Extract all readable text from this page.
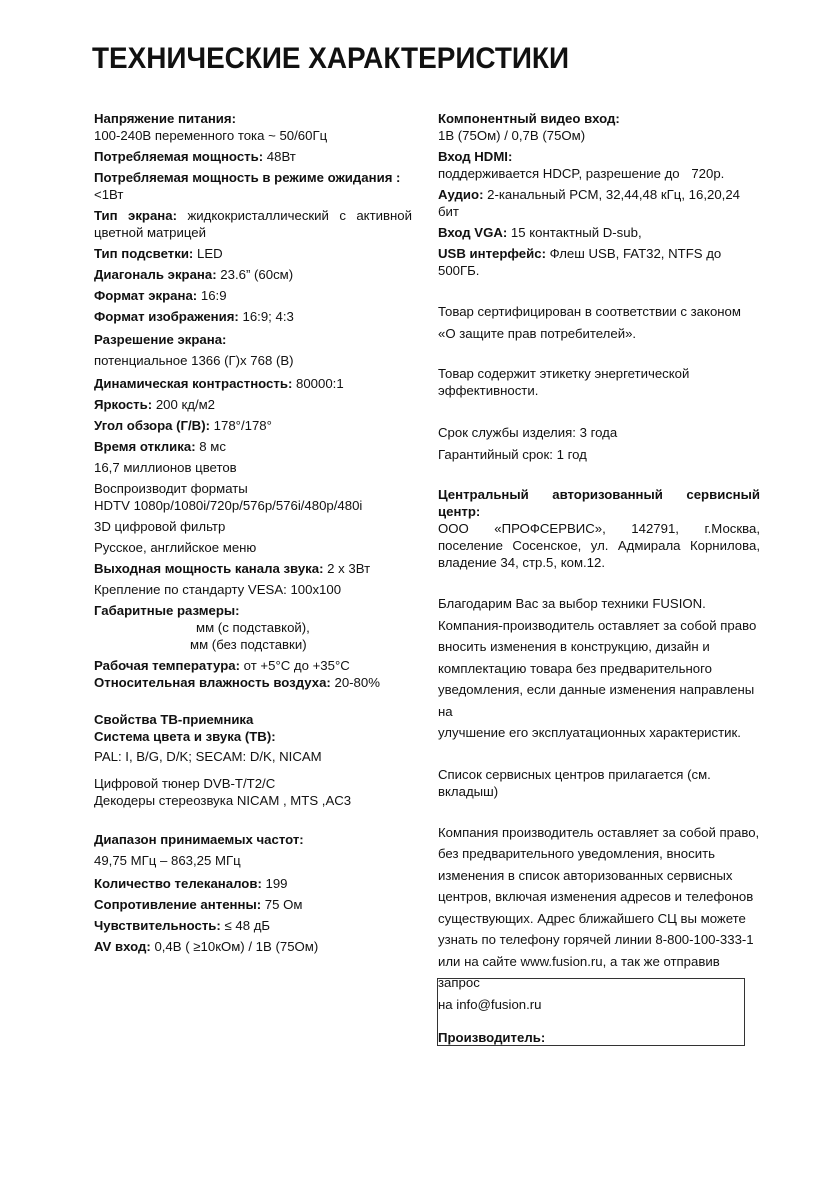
ТЕХНИЧЕСКИЕ ХАРАКТЕРИСТИКИ
Напряжение питания:
100-240В переменного тока ~ 50/60Гц
Потребляемая мощность: 48Вт
Потребляемая мощность в режиме ожидания :
<1Вт
Тип экрана: жидкокристаллический с активной цветной матрицей
Тип подсветки: LED
Диагональ экрана: 23.6” (60см)
Формат экрана: 16:9
Формат изображения: 16:9; 4:3
Разрешение экрана:
потенциальное 1366 (Г)х 768 (В)
Динамическая контрастность: 80000:1
Яркость: 200 кд/м2
Угол обзора (Г/В): 178°/178°
Время отклика: 8 мс
16,7 миллионов цветов
Воспроизводит форматы
HDTV 1080p/1080i/720p/576p/576i/480p/480i
3D цифровой фильтр
Русское, английское меню
Выходная мощность канала звука: 2 х 3Вт
Крепление по стандарту VESA: 100х100
Габаритные размеры:
мм (с подставкой),
мм (без подставки)
Рабочая температура: от +5°C до +35°C
Относительная влажность воздуха: 20-80%
Свойства ТВ-приемника
Система цвета и звука (ТВ):
PAL: I, B/G, D/K; SECAM: D/K, NICAM
Цифровой тюнер DVB-T/T2/C
Декодеры стереозвука NICAM , MTS ,AC3
Диапазон принимаемых частот:
49,75 МГц – 863,25 МГц
Количество телеканалов: 199
Сопротивление антенны: 75 Ом
Чувствительность: ≤ 48 дБ
AV вход: 0,4В ( ≥10кОм) / 1В (75Ом)
Компонентный видео вход:
1В (75Ом) / 0,7В (75Ом)
Вход HDMI:
поддерживается HDCP, разрешение до 720р.
Аудио: 2-канальный PCM, 32,44,48 кГц, 16,20,24 бит
Вход VGA: 15 контактный D-sub,
USB интерфейс: Флеш USB, FAT32, NTFS до 500ГБ.
Товар сертифицирован в соответствии с законом
«О защите прав потребителей».
Товар содержит этикетку энергетической эффективности.
Срок службы изделия: 3 года
Гарантийный срок: 1 год
Центральный авторизованный сервисный центр:
ООО «ПРОФСЕРВИС», 142791, г.Москва, поселение Сосенское, ул. Адмирала Корнилова, владение 34, стр.5, ком.12.

Благодарим Вас за выбор техники FUSION.

Компания-производитель оставляет за собой право

вносить изменения в конструкцию, дизайн и

комплектацию товара без предварительного

уведомления, если данные изменения направлены на

улучшение его эксплуатационных характеристик.

Список сервисных центров прилагается (см. вкладыш)

Компания производитель оставляет за собой право,

без предварительного уведомления, вносить

изменения в список авторизованных сервисных

центров, включая изменения адресов и телефонов

существующих. Адрес ближайшего СЦ вы можете

узнать по телефону горячей линии 8-800-100-333-1

или на сайте www.fusion.ru, а так же отправив запрос

на info@fusion.ru

Производитель:
